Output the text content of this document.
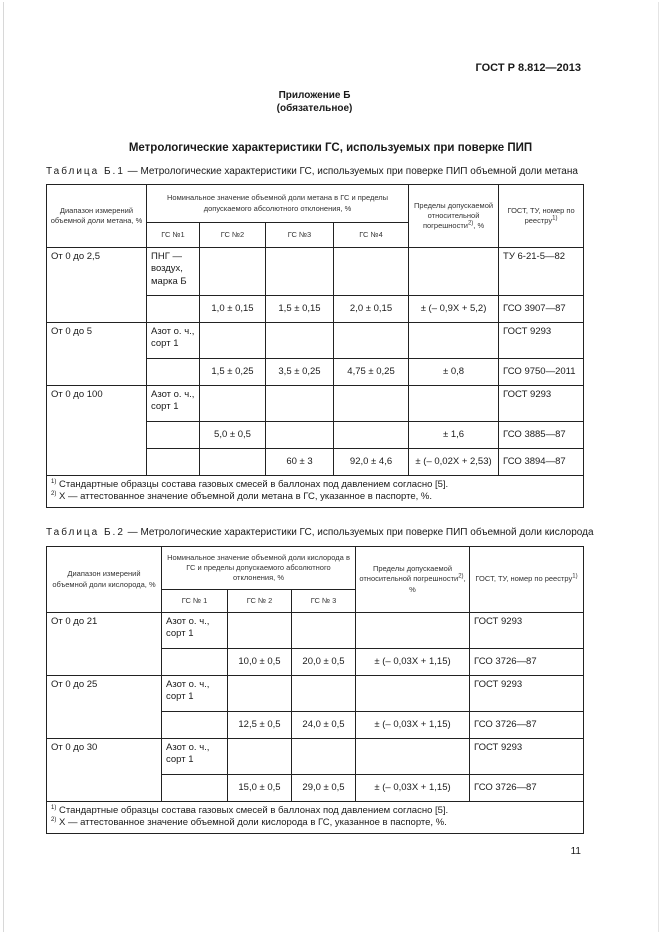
ГОСТ Р 8.812—2013
Приложение Б
(обязательное)
Метрологические характеристики ГС, используемых при поверке ПИП
Таблица Б.1 — Метрологические характеристики ГС, используемых при поверке ПИП объемной доли метана
Диапазон измерений объемной доли метана, %	Номинальное значение объемной доли метана в ГС и пределы допускаемого абсолютного отклонения, %				Пределы допускаемой относительной погрешности$^{2)}$, %	ГОСТ, ТУ, номер по реестру$^{1)}$
	ГС №1	ГС №2	ГС №3	ГС №4		
От 0 до 2,5	ПНГ — воздух, марка Б					ТУ 6-21-5—82
		1,0 ± 0,15	1,5 ± 0,15	2,0 ± 0,15	± (– 0,9Х + 5,2)	ГСО 3907—87
От 0 до 5	Азот о. ч., сорт 1					ГОСТ 9293
		1,5 ± 0,25	3,5 ± 0,25	4,75 ± 0,25	± 0,8	ГСО 9750—2011
От 0 до 100	Азот о. ч., сорт 1					ГОСТ 9293
		5,0 ± 0,5			± 1,6	ГСО 3885—87
			60 ± 3	92,0 ± 4,6	± (– 0,02Х + 2,53)	ГСО 3894—87

$^{1)}$ Стандартные образцы состава газовых смесей в баллонах под давлением согласно [5].
$^{2)}$ Х — аттестованное значение объемной доли метана в ГС, указанное в паспорте, %.						
Таблица Б.2 — Метрологические характеристики ГС, используемых при поверке ПИП объемной доли кислорода
Диапазон измерений объемной доли кислорода, %	Номинальное значение объемной доли кислорода в ГС и пределы допускаемого абсолютного отклонения, %			Пределы допускаемой относительной погрешности$^{2)}$, %	ГОСТ, ТУ, номер по реестру$^{1)}$
	ГС № 1	ГС № 2	ГС № 3		
От 0 до 21	Азот о. ч., сорт 1				ГОСТ 9293
		10,0 ± 0,5	20,0 ± 0,5	± (– 0,03Х + 1,15)	ГСО 3726—87
От 0 до 25	Азот о. ч., сорт 1				ГОСТ 9293
		12,5 ± 0,5	24,0 ± 0,5	± (– 0,03Х + 1,15)	ГСО 3726—87
От 0 до 30	Азот о. ч., сорт 1				ГОСТ 9293
		15,0 ± 0,5	29,0 ± 0,5	± (– 0,03Х + 1,15)	ГСО 3726—87

$^{1)}$ Стандартные образцы состава газовых смесей в баллонах под давлением согласно [5].
$^{2)}$ Х — аттестованное значение объемной доли кислорода в ГС, указанное в паспорте, %.					
11
